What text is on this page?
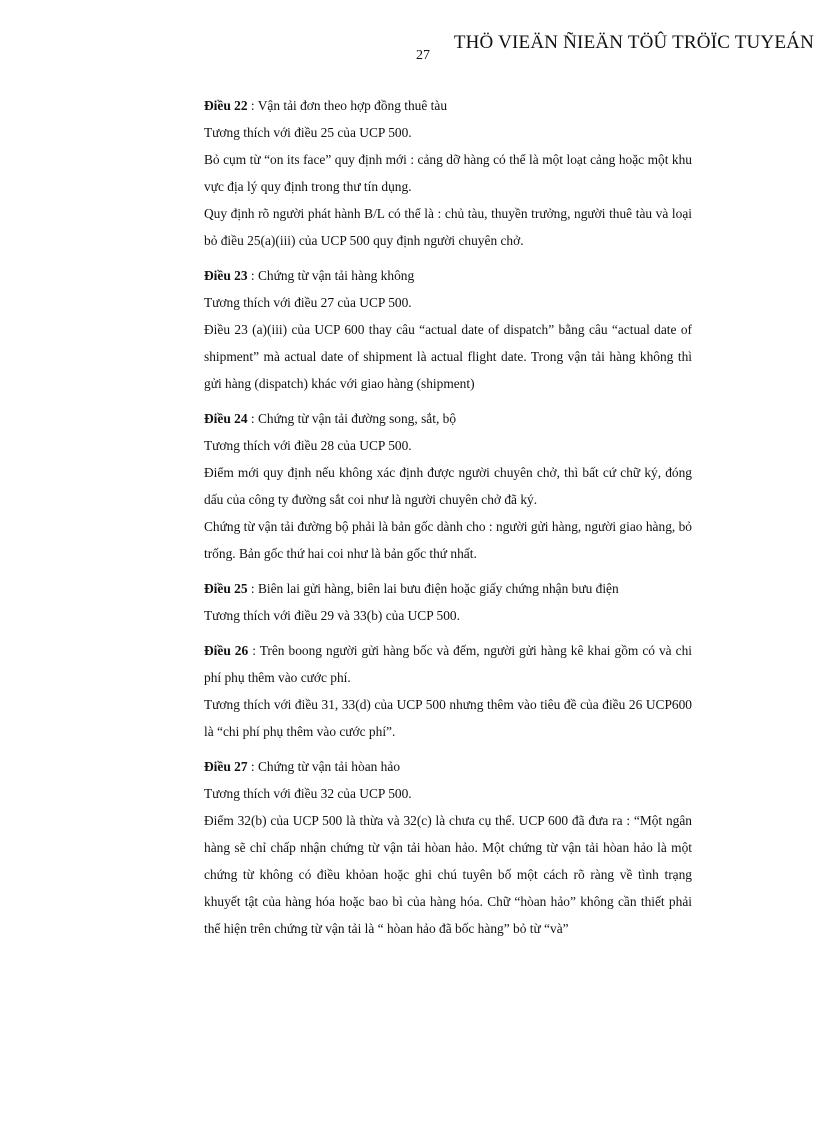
THÖ VIEÄN ÑIEÄN TÖÛ TRÖÏC TUYEÁN
27

Điều 22 : Vận tải đơn theo hợp đồng thuê tàu

Tương thích với điều 25 của UCP 500.

Bỏ cụm từ “on its face” quy định mới : cảng dỡ hàng có thể là một loạt cảng hoặc một khu vực địa lý quy định trong thư tín dụng.

Quy định rõ người phát hành B/L có thể là : chủ tàu, thuyền trưởng, người thuê tàu và loại bỏ điều 25(a)(iii) của UCP 500 quy định người chuyên chở.

Điều 23 : Chứng từ vận tải hàng không

Tương thích với điều 27 của UCP 500.

Điều 23 (a)(iii) của UCP 600 thay câu “actual date of dispatch” bằng câu “actual date of shipment” mà actual date of shipment là actual flight date. Trong vận tải hàng không thì gửi hàng (dispatch) khác với giao hàng (shipment)

Điều 24 : Chứng từ vận tải đường song, sắt, bộ

Tương thích với điều 28 của UCP 500.

Điểm mới quy định nếu không xác định được người chuyên chở, thì bất cứ chữ ký, đóng dấu của công ty đường sắt coi như là người chuyên chở đã ký.

Chứng từ vận tải đường bộ phải là bản gốc dành cho : người gửi hàng, người giao hàng, bỏ trống. Bản gốc thứ hai coi như là bản gốc thứ nhất.

Điều 25 : Biên lai gửi hàng, biên lai bưu điện hoặc giấy chứng nhận bưu điện

Tương thích với điều 29 và 33(b) của UCP 500.

Điều 26 : Trên boong người gửi hàng bốc và đếm, người gửi hàng kê khai gồm có và chi phí phụ thêm vào cước phí.

Tương thích với điều 31, 33(d) của UCP 500 nhưng thêm vào tiêu đề của điều 26 UCP600 là “chi phí phụ thêm vào cước phí”.

Điều 27 : Chứng từ vận tải hòan hảo

Tương thích với điều 32 của UCP 500.

Điểm 32(b) của UCP 500 là thừa và 32(c) là chưa cụ thể. UCP 600 đã đưa ra : “Một ngân hàng sẽ chỉ chấp nhận chứng từ vận tải hòan hảo. Một chứng từ vận tải hòan hảo là một chứng từ không có điều khỏan hoặc ghi chú tuyên bố một cách rõ ràng về tình trạng khuyết tật của hàng hóa hoặc bao bì của hàng hóa. Chữ “hòan hảo” không cần thiết phải thể hiện trên chứng từ vận tải là “ hòan hảo đã bốc hàng” bỏ từ “và”
